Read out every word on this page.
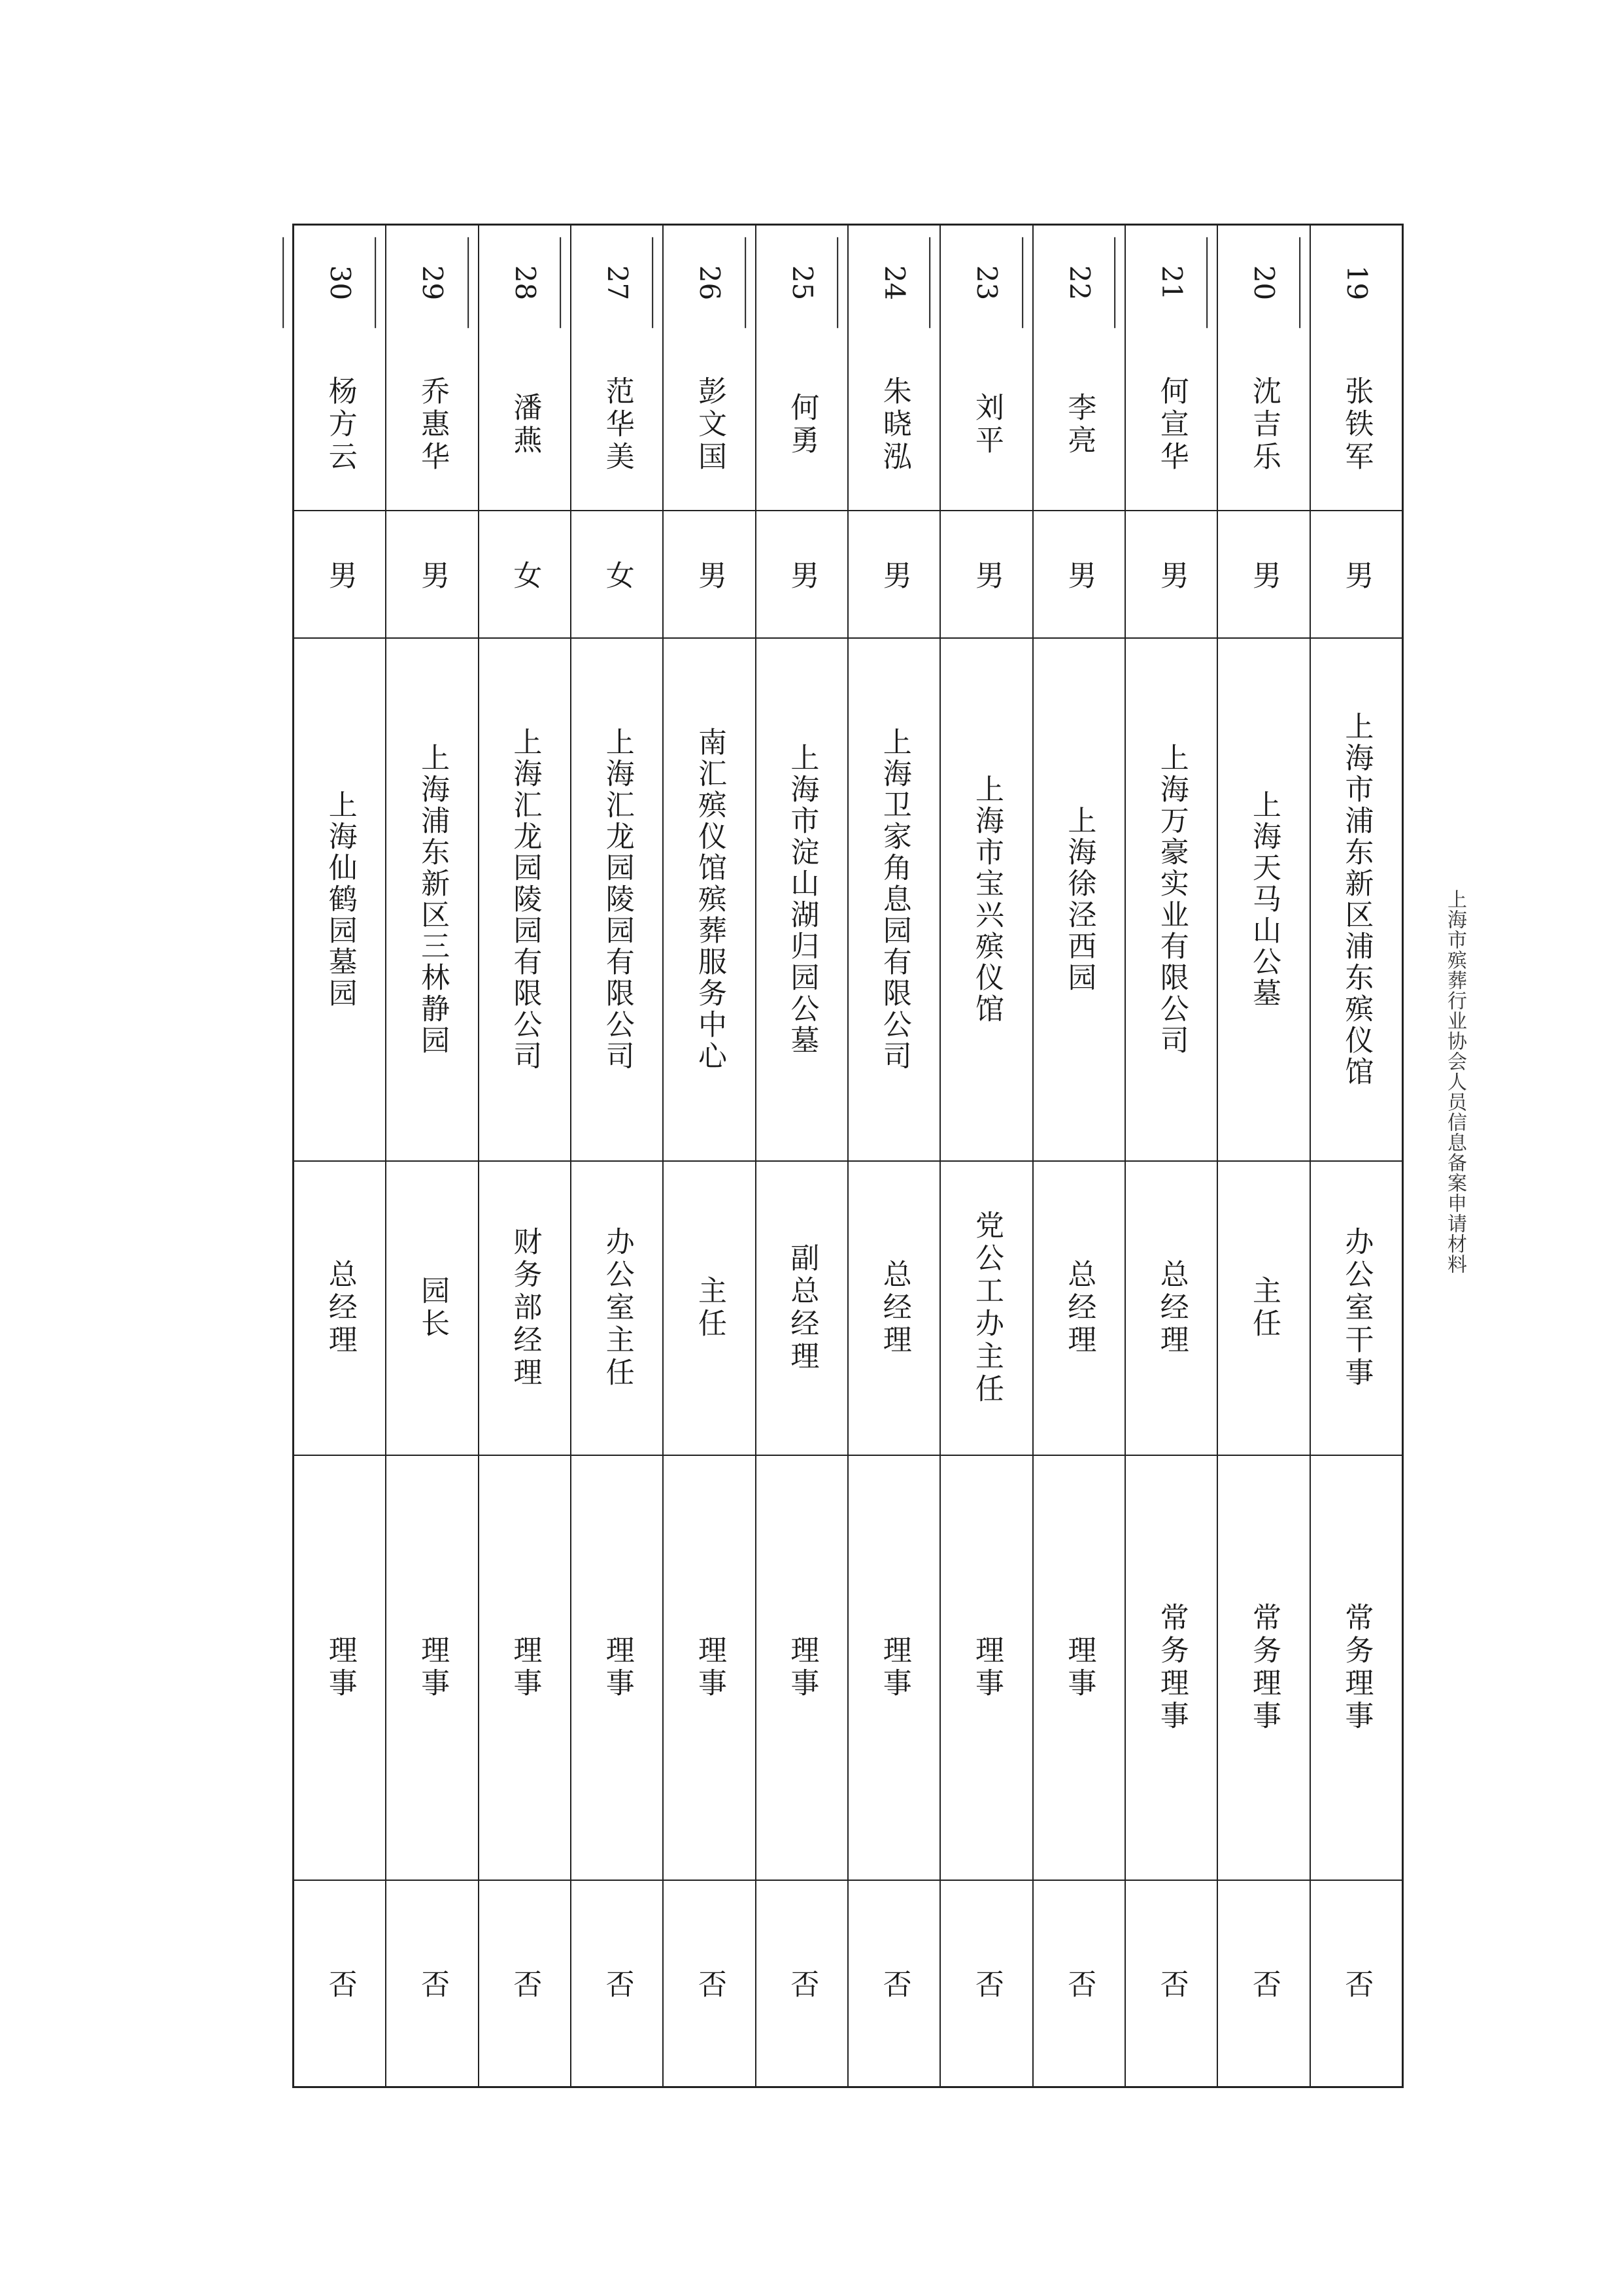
上海市殡葬行业协会人员信息备案申请材料
19
张铁军
男
上海市浦东新区浦东殡仪馆
办公室干事
常务理事
否
20
沈吉乐
男
上海天马山公墓
主任
常务理事
否
21
何宣华
男
上海万豪实业有限公司
总经理
常务理事
否
22
李亮
男
上海徐泾西园
总经理
理事
否
23
刘平
男
上海市宝兴殡仪馆
党公工办主任
理事
否
24
朱晓泓
男
上海卫家角息园有限公司
总经理
理事
否
25
何勇
男
上海市淀山湖归园公墓
副总经理
理事
否
26
彭文国
男
南汇殡仪馆殡葬服务中心
主任
理事
否
27
范华美
女
上海汇龙园陵园有限公司
办公室主任
理事
否
28
潘燕
女
上海汇龙园陵园有限公司
财务部经理
理事
否
29
乔惠华
男
上海浦东新区三林静园
园长
理事
否
30
杨方云
男
上海仙鹤园墓园
总经理
理事
否
